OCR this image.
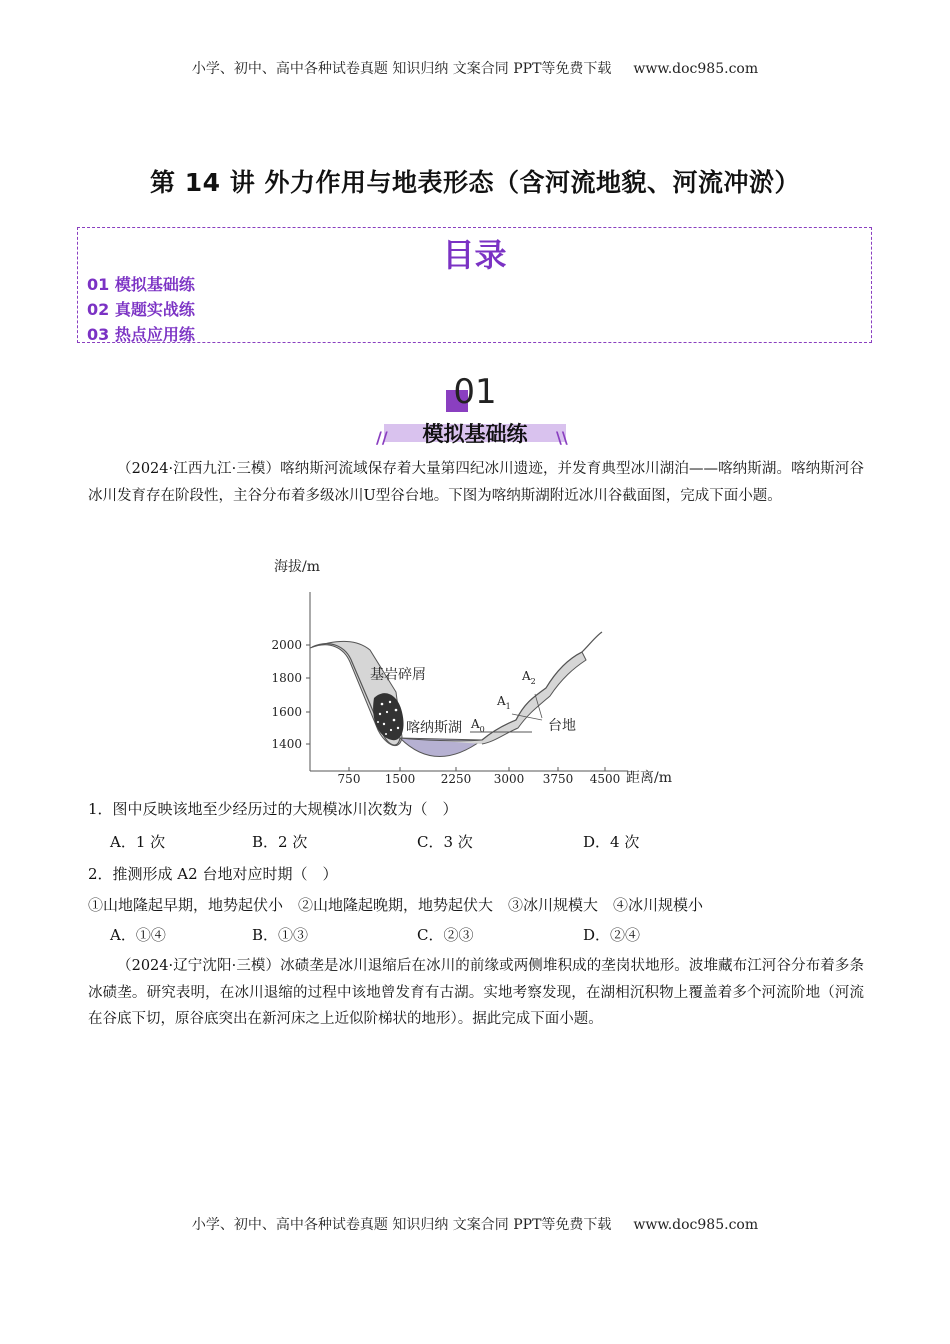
小学、初中、高中各种试卷真题 知识归纳 文案合同 PPT等免费下载 www.doc985.com
第 14 讲 外力作用与地表形态（含河流地貌、河流冲淤）
目录
01 模拟基础练
02 真题实战练
03 热点应用练
01
//	\\
模拟基础练
（2024·江西九江·三模）喀纳斯河流域保存着大量第四纪冰川遗迹，并发育典型冰川湖泊——喀纳斯湖。喀纳斯河谷冰川发育存在阶段性，主谷分布着多级冰川U型谷台地。下图为喀纳斯湖附近冰川谷截面图，完成下面小题。
海拔/m
距离/m
2000
1800
1600
1400
750 1500 2250 3000 3750 4500
基岩碎屑
喀纳斯湖	台地
$A_0$
$A_1$
$A_2$
1．图中反映该地至少经历过的大规模冰川次数为（　）
A．1 次	B．2 次	C．3 次	D．4 次
2．推测形成 A2 台地对应时期（　）
①山地隆起早期，地势起伏小　②山地隆起晚期，地势起伏大　③冰川规模大　④冰川规模小
A．①④	B．①③	C．②③	D．②④
（2024·辽宁沈阳·三模）冰碛垄是冰川退缩后在冰川的前缘或两侧堆积成的垄岗状地形。波堆藏布江河谷分布着多条冰碛垄。研究表明，在冰川退缩的过程中该地曾发育有古湖。实地考察发现，在湖相沉积物上覆盖着多个河流阶地（河流在谷底下切，原谷底突出在新河床之上近似阶梯状的地形）。据此完成下面小题。
小学、初中、高中各种试卷真题 知识归纳 文案合同 PPT等免费下载 www.doc985.com
